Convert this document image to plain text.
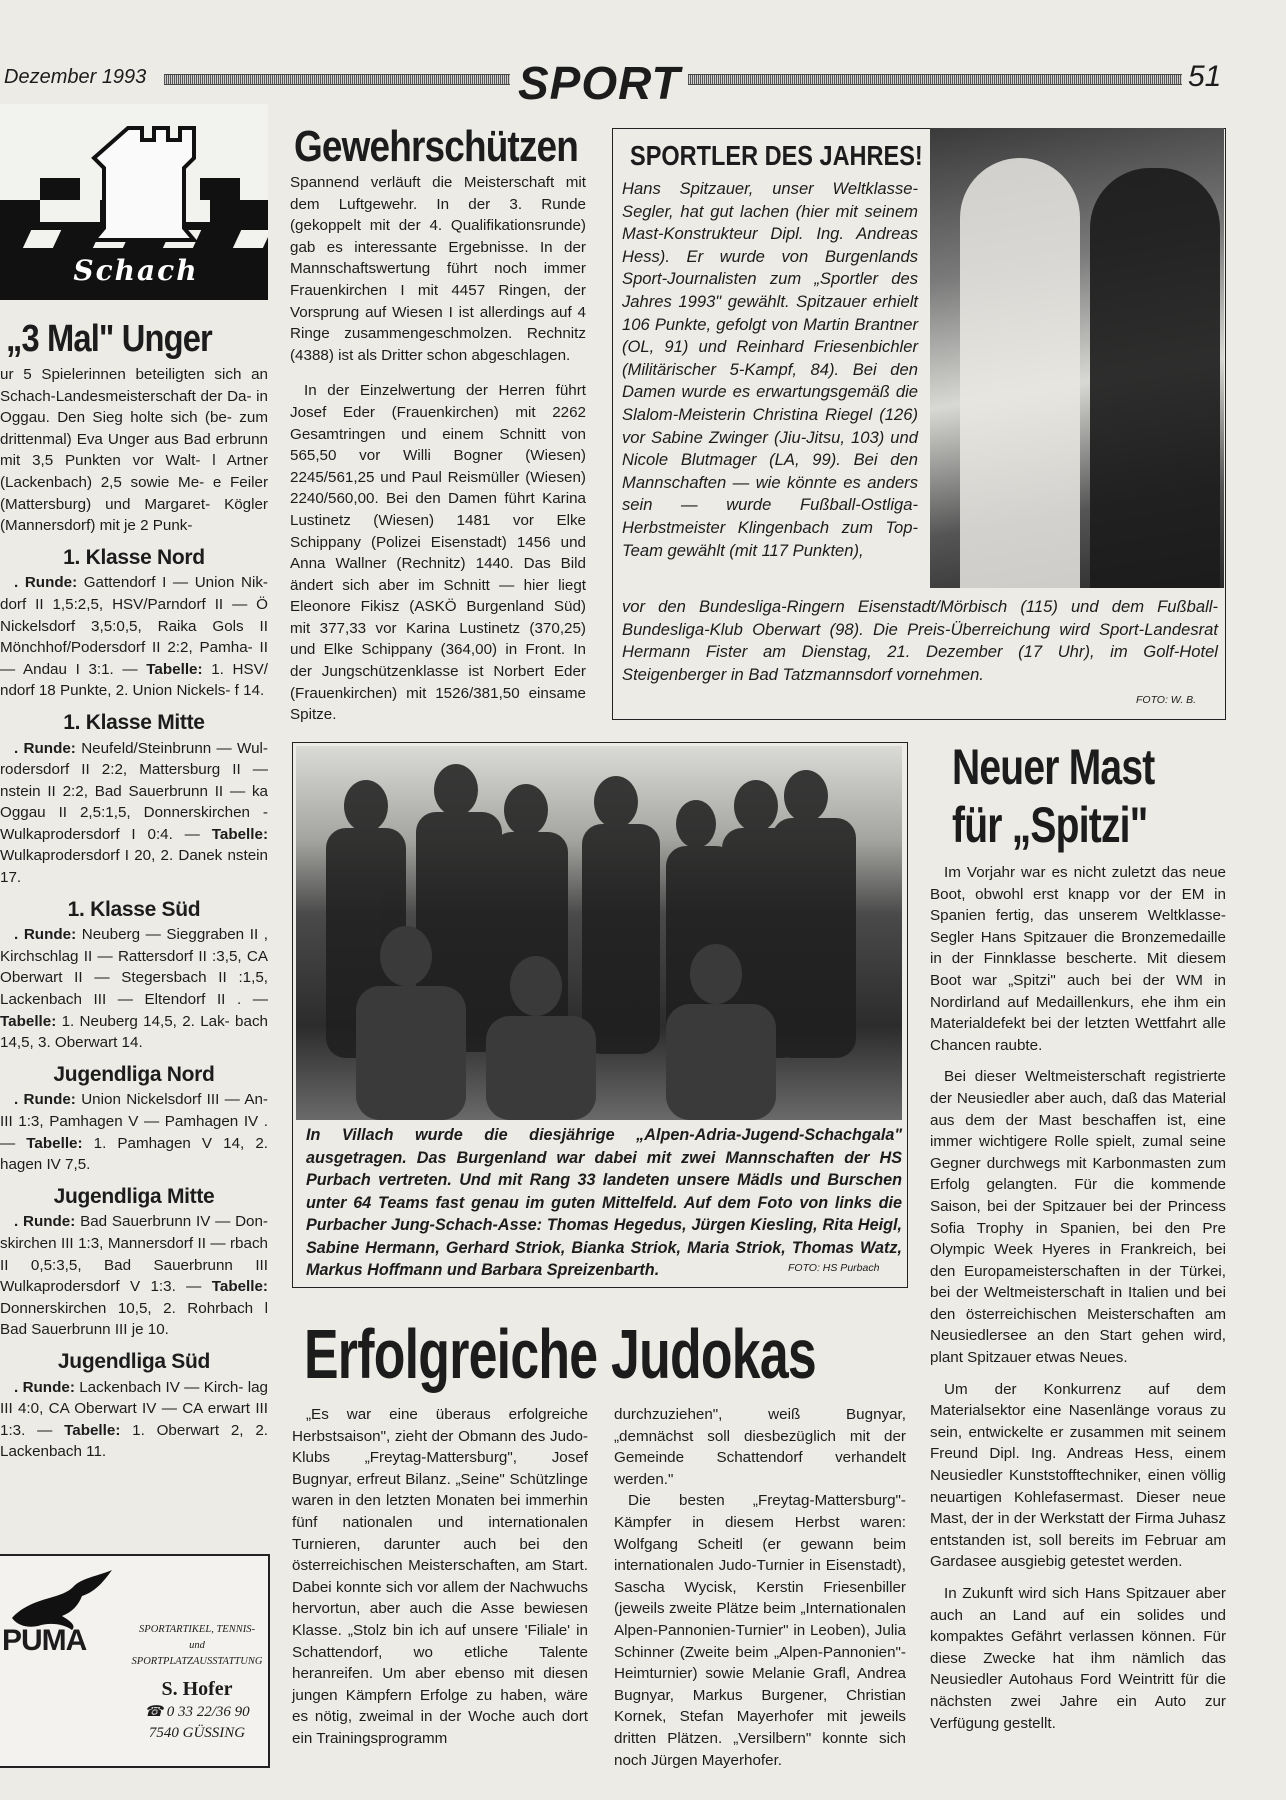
Dezember 1993	SPORT	51
Schach
„3 Mal" Unger

ur 5 Spielerinnen beteiligten sich an Schach-Landesmeisterschaft der Da- in Oggau. Den Sieg holte sich (be- zum drittenmal) Eva Unger aus Bad erbrunn mit 3,5 Punkten vor Walt- l Artner (Lackenbach) 2,5 sowie Me- e Feiler (Mattersburg) und Margaret- Kögler (Mannersdorf) mit je 2 Punk-

1. Klasse Nord

. Runde: Gattendorf I — Union Nik- dorf II 1,5:2,5, HSV/Parndorf II — Ö Nickelsdorf 3,5:0,5, Raika Gols II Mönchhof/Podersdorf II 2:2, Pamha- II — Andau I 3:1. — Tabelle: 1. HSV/ ndorf 18 Punkte, 2. Union Nickels- f 14.

1. Klasse Mitte

. Runde: Neufeld/Steinbrunn — Wul- rodersdorf II 2:2, Mattersburg II — nstein II 2:2, Bad Sauerbrunn II — ka Oggau II 2,5:1,5, Donnerskirchen - Wulkaprodersdorf I 0:4. — Tabelle: Wulkaprodersdorf I 20, 2. Danek nstein 17.

1. Klasse Süd

. Runde: Neuberg — Sieggraben II , Kirchschlag II — Rattersdorf II :3,5, CA Oberwart II — Stegersbach II :1,5, Lackenbach III — Eltendorf II . — Tabelle: 1. Neuberg 14,5, 2. Lak- bach 14,5, 3. Oberwart 14.

Jugendliga Nord

. Runde: Union Nickelsdorf III — An- III 1:3, Pamhagen V — Pamhagen IV . — Tabelle: 1. Pamhagen V 14, 2. hagen IV 7,5.

Jugendliga Mitte

. Runde: Bad Sauerbrunn IV — Don- skirchen III 1:3, Mannersdorf II — rbach II 0,5:3,5, Bad Sauerbrunn III Wulkaprodersdorf V 1:3. — Tabelle: Donnerskirchen 10,5, 2. Rohrbach l Bad Sauerbrunn III je 10.

Jugendliga Süd

. Runde: Lackenbach IV — Kirch- lag III 4:0, CA Oberwart IV — CA erwart III 1:3. — Tabelle: 1. Oberwart 2, 2. Lackenbach 11.

PUMA	SPORTARTIKEL, TENNIS-
und
SPORTPLATZAUSSTATTUNG
S. Hofer
☎ 0 33 22/36 90
7540 GÜSSING
Gewehrschützen

Spannend verläuft die Meisterschaft mit dem Luftgewehr. In der 3. Runde (gekoppelt mit der 4. Qualifikationsrunde) gab es interessante Ergebnisse. In der Mannschaftswertung führt noch immer Frauenkirchen I mit 4457 Ringen, der Vorsprung auf Wiesen I ist allerdings auf 4 Ringe zusammengeschmolzen. Rechnitz (4388) ist als Dritter schon abgeschlagen.

In der Einzelwertung der Herren führt Josef Eder (Frauenkirchen) mit 2262 Gesamtringen und einem Schnitt von 565,50 vor Willi Bogner (Wiesen) 2245/561,25 und Paul Reismüller (Wiesen) 2240/560,00. Bei den Damen führt Karina Lustinetz (Wiesen) 1481 vor Elke Schippany (Polizei Eisenstadt) 1456 und Anna Wallner (Rechnitz) 1440. Das Bild ändert sich aber im Schnitt — hier liegt Eleonore Fikisz (ASKÖ Burgenland Süd) mit 377,33 vor Karina Lustinetz (370,25) und Elke Schippany (364,00) in Front. In der Jungschützenklasse ist Norbert Eder (Frauenkirchen) mit 1526/381,50 einsame Spitze.

SPORTLER DES JAHRES!
Hans Spitzauer, unser Weltklasse-Segler, hat gut lachen (hier mit seinem Mast-Konstrukteur Dipl. Ing. Andreas Hess). Er wurde von Burgenlands Sport-Journalisten zum „Sportler des Jahres 1993" gewählt. Spitzauer erhielt 106 Punkte, gefolgt von Martin Brantner (OL, 91) und Reinhard Friesenbichler (Militärischer 5-Kampf, 84). Bei den Damen wurde es erwartungsgemäß die Slalom-Meisterin Christina Riegel (126) vor Sabine Zwinger (Jiu-Jitsu, 103) und Nicole Blutmager (LA, 99). Bei den Mannschaften — wie könnte es anders sein — wurde Fußball-Ostliga-Herbstmeister Klingenbach zum Top-Team gewählt (mit 117 Punkten),
vor den Bundesliga-Ringern Eisenstadt/Mörbisch (115) und dem Fußball-Bundesliga-Klub Oberwart (98). Die Preis-Überreichung wird Sport-Landesrat Hermann Fister am Dienstag, 21. Dezember (17 Uhr), im Golf-Hotel Steigenberger in Bad Tatzmannsdorf vornehmen.
FOTO: W. B.
In Villach wurde die diesjährige „Alpen-Adria-Jugend-Schachgala" ausgetragen. Das Burgenland war dabei mit zwei Mannschaften der HS Purbach vertreten. Und mit Rang 33 landeten unsere Mädls und Burschen unter 64 Teams fast genau im guten Mittelfeld. Auf dem Foto von links die Purbacher Jung-Schach-Asse: Thomas Hegedus, Jürgen Kiesling, Rita Heigl, Sabine Hermann, Gerhard Striok, Bianka Striok, Maria Striok, Thomas Watz, Markus Hoffmann und Barbara Spreizenbarth.	FOTO: HS Purbach
Neuer Mast
für „Spitzi"

Im Vorjahr war es nicht zuletzt das neue Boot, obwohl erst knapp vor der EM in Spanien fertig, das unserem Weltklasse-Segler Hans Spitzauer die Bronzemedaille in der Finnklasse bescherte. Mit diesem Boot war „Spitzi" auch bei der WM in Nordirland auf Medaillenkurs, ehe ihm ein Materialdefekt bei der letzten Wettfahrt alle Chancen raubte.

Bei dieser Weltmeisterschaft registrierte der Neusiedler aber auch, daß das Material aus dem der Mast beschaffen ist, eine immer wichtigere Rolle spielt, zumal seine Gegner durchwegs mit Karbonmasten zum Erfolg gelangten. Für die kommende Saison, bei der Spitzauer bei der Princess Sofia Trophy in Spanien, bei den Pre Olympic Week Hyeres in Frankreich, bei den Europameisterschaften in der Türkei, bei der Weltmeisterschaft in Italien und bei den österreichischen Meisterschaften am Neusiedlersee an den Start gehen wird, plant Spitzauer etwas Neues.

Um der Konkurrenz auf dem Materialsektor eine Nasenlänge voraus zu sein, entwickelte er zusammen mit seinem Freund Dipl. Ing. Andreas Hess, einem Neusiedler Kunststofftechniker, einen völlig neuartigen Kohlefasermast. Dieser neue Mast, der in der Werkstatt der Firma Juhasz entstanden ist, soll bereits im Februar am Gardasee ausgiebig getestet werden.

In Zukunft wird sich Hans Spitzauer aber auch an Land auf ein solides und kompaktes Gefährt verlassen können. Für diese Zwecke hat ihm nämlich das Neusiedler Autohaus Ford Weintritt für die nächsten zwei Jahre ein Auto zur Verfügung gestellt.

Erfolgreiche Judokas

„Es war eine überaus erfolgreiche Herbstsaison", zieht der Obmann des Judo-Klubs „Freytag-Mattersburg", Josef Bugnyar, erfreut Bilanz. „Seine" Schützlinge waren in den letzten Monaten bei immerhin fünf nationalen und internationalen Turnieren, darunter auch bei den österreichischen Meisterschaften, am Start. Dabei konnte sich vor allem der Nachwuchs hervortun, aber auch die Asse bewiesen Klasse. „Stolz bin ich auf unsere 'Filiale' in Schattendorf, wo etliche Talente heranreifen. Um aber ebenso mit diesen jungen Kämpfern Erfolge zu haben, wäre es nötig, zweimal in der Woche auch dort ein Trainingsprogramm

durchzuziehen", weiß Bugnyar, „demnächst soll diesbezüglich mit der Gemeinde Schattendorf verhandelt werden."

Die besten „Freytag-Mattersburg"-Kämpfer in diesem Herbst waren: Wolfgang Scheitl (er gewann beim internationalen Judo-Turnier in Eisenstadt), Sascha Wycisk, Kerstin Friesenbiller (jeweils zweite Plätze beim „Internationalen Alpen-Pannonien-Turnier" in Leoben), Julia Schinner (Zweite beim „Alpen-Pannonien"-Heimturnier) sowie Melanie Grafl, Andrea Bugnyar, Markus Burgener, Christian Kornek, Stefan Mayerhofer mit jeweils dritten Plätzen. „Versilbern" konnte sich noch Jürgen Mayerhofer.
